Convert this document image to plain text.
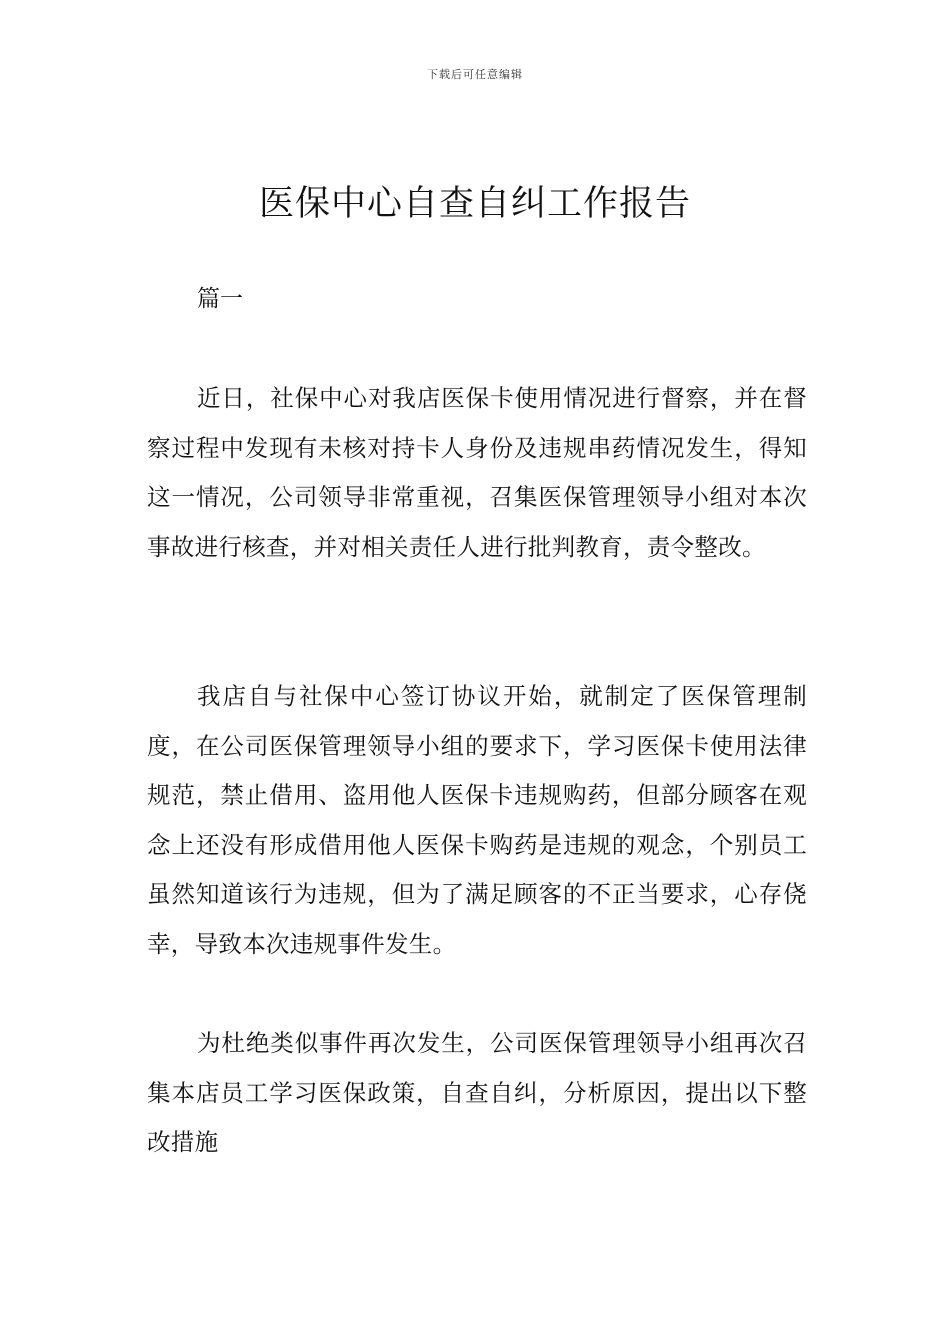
下载后可任意编辑
医保中心自查自纠工作报告
篇一

近日，社保中心对我店医保卡使用情况进行督察，并在督察过程中发现有未核对持卡人身份及违规串药情况发生，得知这一情况，公司领导非常重视，召集医保管理领导小组对本次事故进行核查，并对相关责任人进行批判教育，责令整改。

我店自与社保中心签订协议开始，就制定了医保管理制度，在公司医保管理领导小组的要求下，学习医保卡使用法律规范，禁止借用、盗用他人医保卡违规购药，但部分顾客在观念上还没有形成借用他人医保卡购药是违规的观念，个别员工虽然知道该行为违规，但为了满足顾客的不正当要求，心存侥幸，导致本次违规事件发生。

为杜绝类似事件再次发生，公司医保管理领导小组再次召集本店员工学习医保政策，自查自纠，分析原因，提出以下整改措施
